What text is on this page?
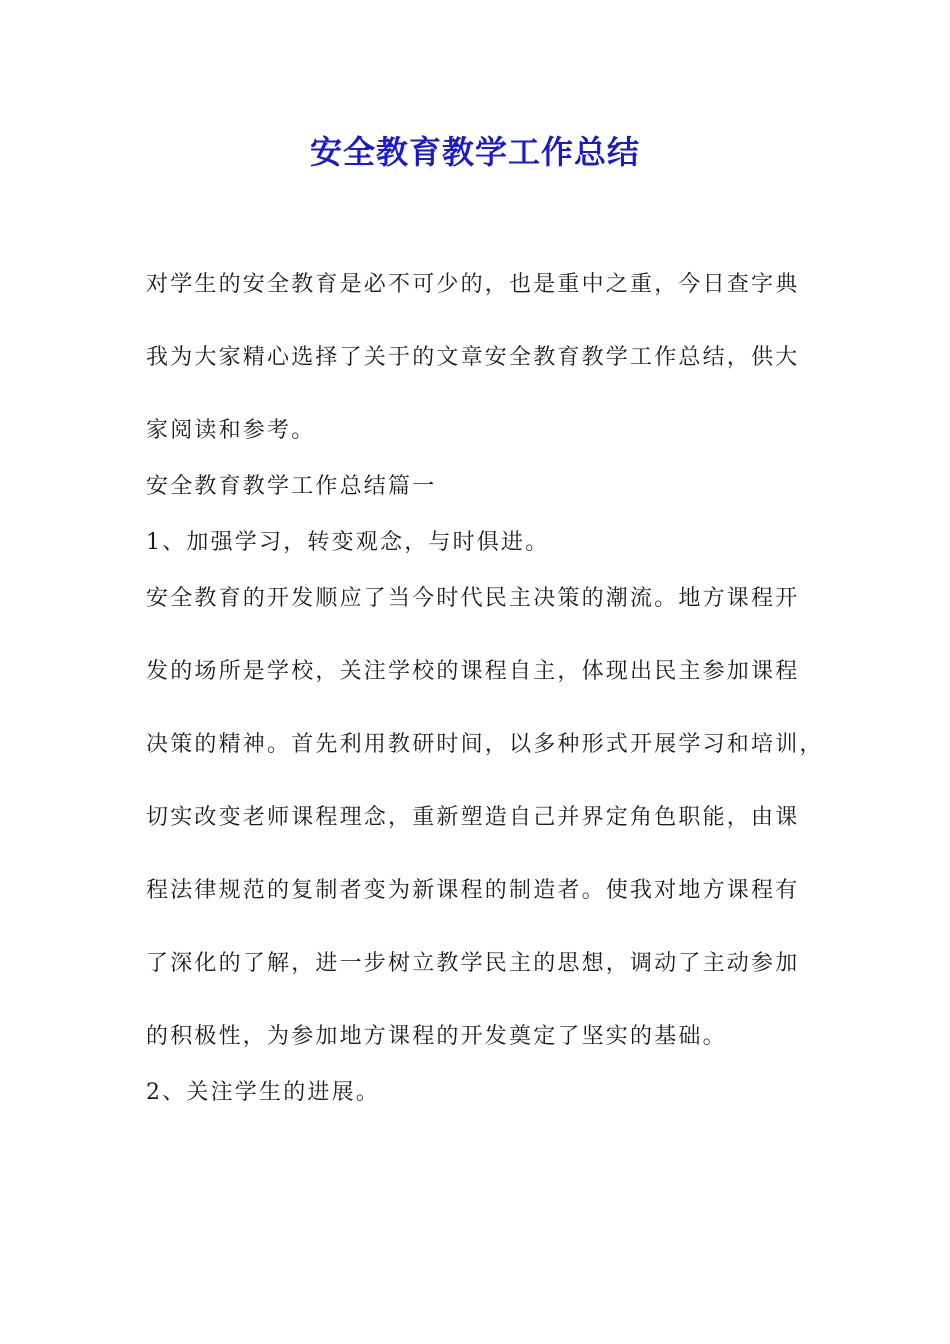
安全教育教学工作总结

对学生的安全教育是必不可少的，也是重中之重，今日查字典
我为大家精心选择了关于的文章安全教育教学工作总结，供大
家阅读和参考。

安全教育教学工作总结篇一

1、加强学习，转变观念，与时俱进。

安全教育的开发顺应了当今时代民主决策的潮流。地方课程开
发的场所是学校，关注学校的课程自主，体现出民主参加课程
决策的精神。首先利用教研时间，以多种形式开展学习和培训，
切实改变老师课程理念，重新塑造自己并界定角色职能，由课
程法律规范的复制者变为新课程的制造者。使我对地方课程有
了深化的了解，进一步树立教学民主的思想，调动了主动参加
的积极性，为参加地方课程的开发奠定了坚实的基础。

2、关注学生的进展。
